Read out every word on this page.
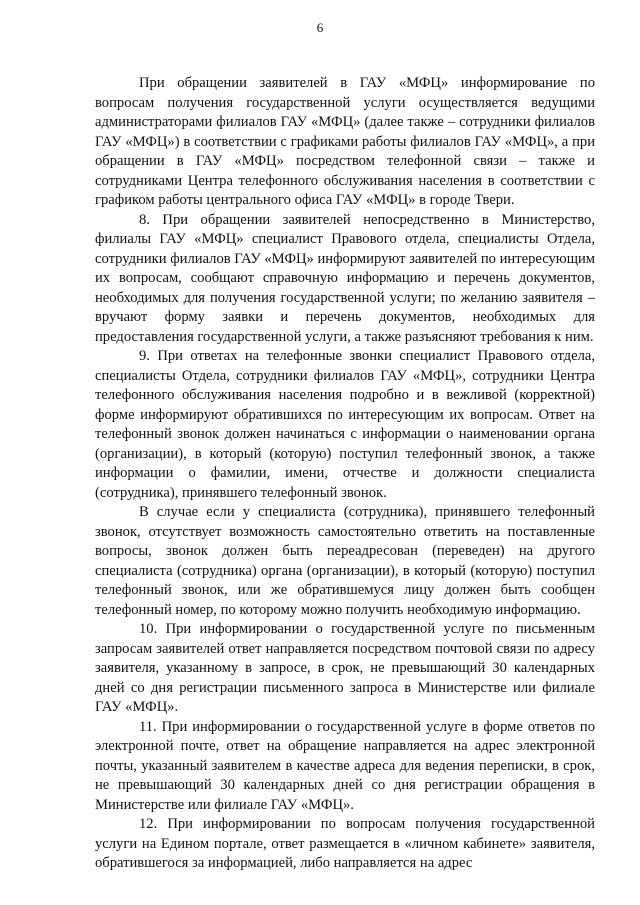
6

При обращении заявителей в ГАУ «МФЦ» информирование по вопросам получения государственной услуги осуществляется ведущими администраторами филиалов ГАУ «МФЦ» (далее также – сотрудники филиалов ГАУ «МФЦ») в соответствии с графиками работы филиалов ГАУ «МФЦ», а при обращении в ГАУ «МФЦ» посредством телефонной связи – также и сотрудниками Центра телефонного обслуживания населения в соответствии с графиком работы центрального офиса ГАУ «МФЦ» в городе Твери.

8. При обращении заявителей непосредственно в Министерство, филиалы ГАУ «МФЦ» специалист Правового отдела, специалисты Отдела, сотрудники филиалов ГАУ «МФЦ» информируют заявителей по интересующим их вопросам, сообщают справочную информацию и перечень документов, необходимых для получения государственной услуги; по желанию заявителя – вручают форму заявки и перечень документов, необходимых для предоставления государственной услуги, а также разъясняют требования к ним.

9. При ответах на телефонные звонки специалист Правового отдела, специалисты Отдела, сотрудники филиалов ГАУ «МФЦ», сотрудники Центра телефонного обслуживания населения подробно и в вежливой (корректной) форме информируют обратившихся по интересующим их вопросам. Ответ на телефонный звонок должен начинаться с информации о наименовании органа (организации), в который (которую) поступил телефонный звонок, а также информации о фамилии, имени, отчестве и должности специалиста (сотрудника), принявшего телефонный звонок.

В случае если у специалиста (сотрудника), принявшего телефонный звонок, отсутствует возможность самостоятельно ответить на поставленные вопросы, звонок должен быть переадресован (переведен) на другого специалиста (сотрудника) органа (организации), в который (которую) поступил телефонный звонок, или же обратившемуся лицу должен быть сообщен телефонный номер, по которому можно получить необходимую информацию.

10. При информировании о государственной услуге по письменным запросам заявителей ответ направляется посредством почтовой связи по адресу заявителя, указанному в запросе, в срок, не превышающий 30 календарных дней со дня регистрации письменного запроса в Министерстве или филиале ГАУ «МФЦ».

11. При информировании о государственной услуге в форме ответов по электронной почте, ответ на обращение направляется на адрес электронной почты, указанный заявителем в качестве адреса для ведения переписки, в срок, не превышающий 30 календарных дней со дня регистрации обращения в Министерстве или филиале ГАУ «МФЦ».

12. При информировании по вопросам получения государственной услуги на Едином портале, ответ размещается в «личном кабинете» заявителя, обратившегося за информацией, либо направляется на адрес
